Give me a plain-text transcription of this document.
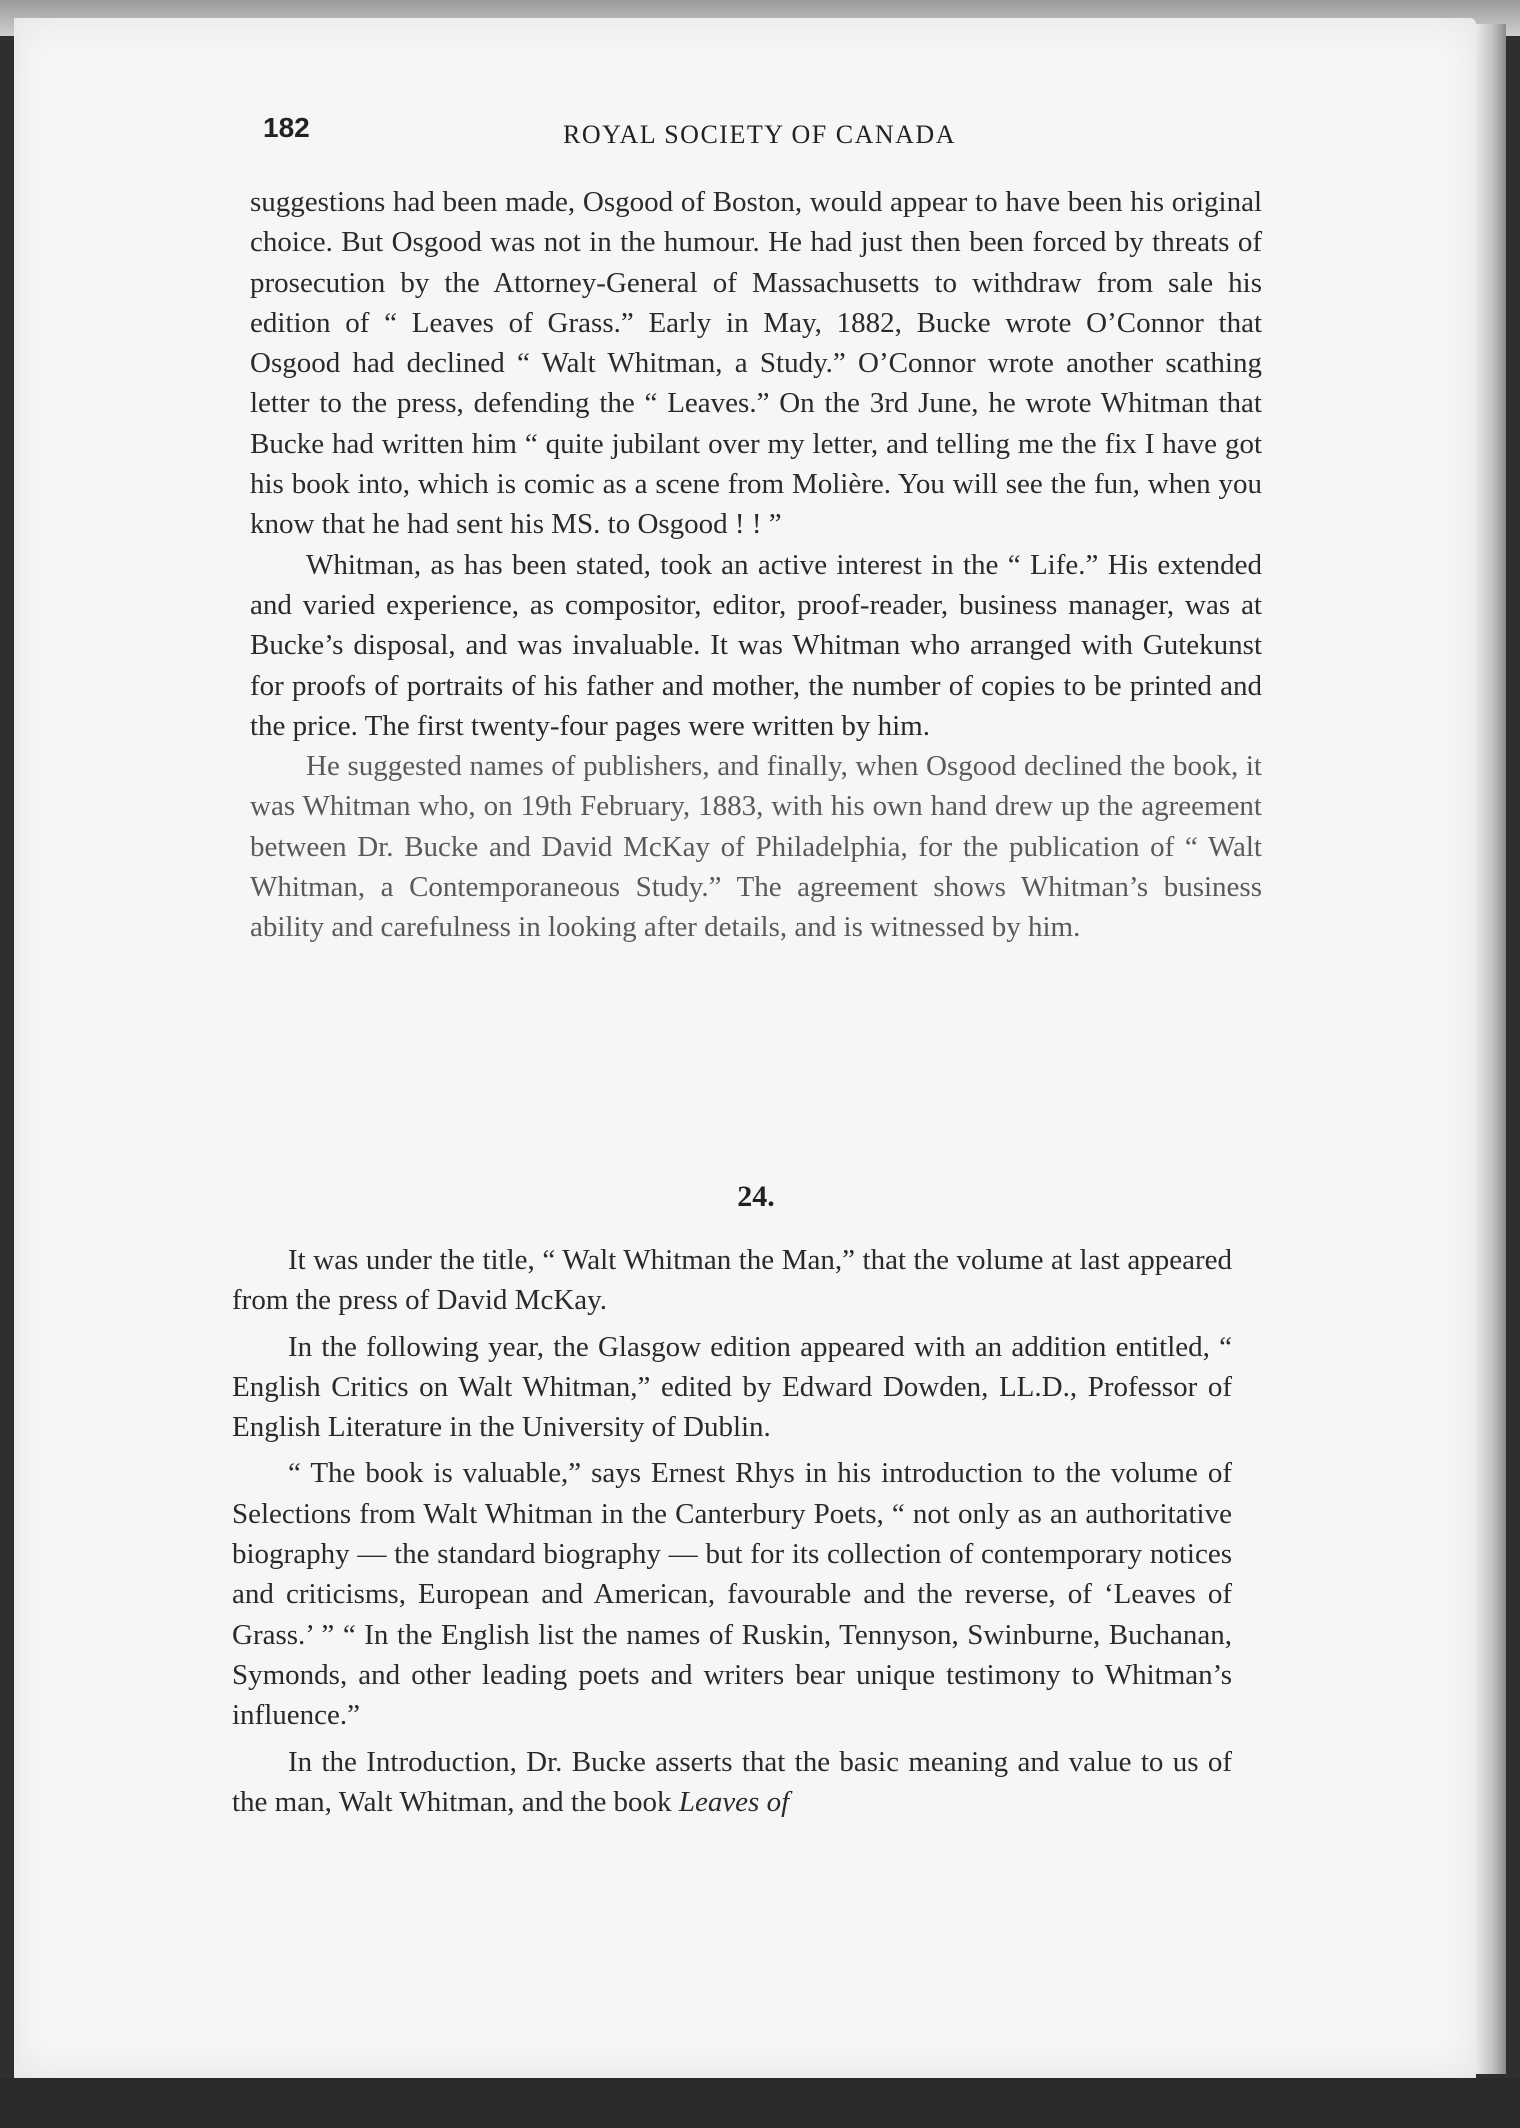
182	ROYAL SOCIETY OF CANADA

suggestions had been made, Osgood of Boston, would appear to have been his original choice. But Osgood was not in the humour. He had just then been forced by threats of prosecution by the Attorney-General of Massachusetts to withdraw from sale his edition of “ Leaves of Grass.” Early in May, 1882, Bucke wrote O’Connor that Osgood had declined “ Walt Whitman, a Study.” O’Connor wrote another scathing letter to the press, defending the “ Leaves.” On the 3rd June, he wrote Whitman that Bucke had written him “ quite jubilant over my letter, and telling me the fix I have got his book into, which is comic as a scene from Molière. You will see the fun, when you know that he had sent his MS. to Osgood ! ! ”

Whitman, as has been stated, took an active interest in the “ Life.” His extended and varied experience, as compositor, editor, proof-reader, business manager, was at Bucke’s disposal, and was invaluable. It was Whitman who arranged with Gutekunst for proofs of portraits of his father and mother, the number of copies to be printed and the price. The first twenty-four pages were written by him.

He suggested names of publishers, and finally, when Osgood declined the book, it was Whitman who, on 19th February, 1883, with his own hand drew up the agreement between Dr. Bucke and David McKay of Philadelphia, for the publication of “ Walt Whitman, a Contemporaneous Study.” The agreement shows Whitman’s business ability and carefulness in looking after details, and is witnessed by him.

24.

It was under the title, “ Walt Whitman the Man,” that the volume at last appeared from the press of David McKay.

In the following year, the Glasgow edition appeared with an addition entitled, “ English Critics on Walt Whitman,” edited by Edward Dowden, LL.D., Professor of English Literature in the University of Dublin.

“ The book is valuable,” says Ernest Rhys in his introduction to the volume of Selections from Walt Whitman in the Canterbury Poets, “ not only as an authoritative biography — the standard biography — but for its collection of contemporary notices and criticisms, European and American, favourable and the reverse, of ‘Leaves of Grass.’ ” “ In the English list the names of Ruskin, Tennyson, Swinburne, Buchanan, Symonds, and other leading poets and writers bear unique testimony to Whitman’s influence.”

In the Introduction, Dr. Bucke asserts that the basic meaning and value to us of the man, Walt Whitman, and the book Leaves of
